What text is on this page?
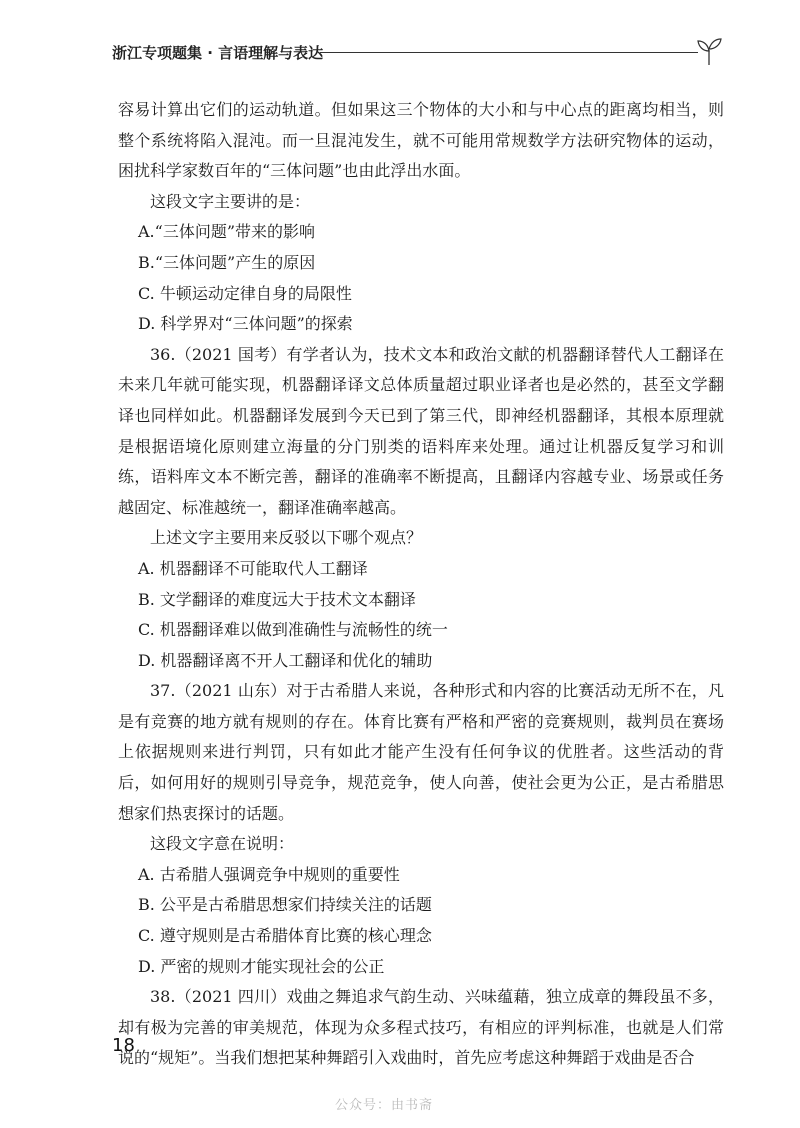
浙江专项题集 · 言语理解与表达

容易计算出它们的运动轨道。但如果这三个物体的大小和与中心点的距离均相当，则整个系统将陷入混沌。而一旦混沌发生，就不可能用常规数学方法研究物体的运动，困扰科学家数百年的“三体问题”也由此浮出水面。

这段文字主要讲的是：

A.“三体问题”带来的影响

B.“三体问题”产生的原因

C. 牛顿运动定律自身的局限性

D. 科学界对“三体问题”的探索

36.（2021 国考）有学者认为，技术文本和政治文献的机器翻译替代人工翻译在未来几年就可能实现，机器翻译译文总体质量超过职业译者也是必然的，甚至文学翻译也同样如此。机器翻译发展到今天已到了第三代，即神经机器翻译，其根本原理就是根据语境化原则建立海量的分门别类的语料库来处理。通过让机器反复学习和训练，语料库文本不断完善，翻译的准确率不断提高，且翻译内容越专业、场景或任务越固定、标准越统一，翻译准确率越高。

上述文字主要用来反驳以下哪个观点？

A. 机器翻译不可能取代人工翻译

B. 文学翻译的难度远大于技术文本翻译

C. 机器翻译难以做到准确性与流畅性的统一

D. 机器翻译离不开人工翻译和优化的辅助

37.（2021 山东）对于古希腊人来说，各种形式和内容的比赛活动无所不在，凡是有竞赛的地方就有规则的存在。体育比赛有严格和严密的竞赛规则，裁判员在赛场上依据规则来进行判罚，只有如此才能产生没有任何争议的优胜者。这些活动的背后，如何用好的规则引导竞争，规范竞争，使人向善，使社会更为公正，是古希腊思想家们热衷探讨的话题。

这段文字意在说明：

A. 古希腊人强调竞争中规则的重要性

B. 公平是古希腊思想家们持续关注的话题

C. 遵守规则是古希腊体育比赛的核心理念

D. 严密的规则才能实现社会的公正

38.（2021 四川）戏曲之舞追求气韵生动、兴味蕴藉，独立成章的舞段虽不多，却有极为完善的审美规范，体现为众多程式技巧，有相应的评判标准，也就是人们常说的“规矩”。当我们想把某种舞蹈引入戏曲时，首先应考虑这种舞蹈于戏曲是否合

18
公众号：由书斋
